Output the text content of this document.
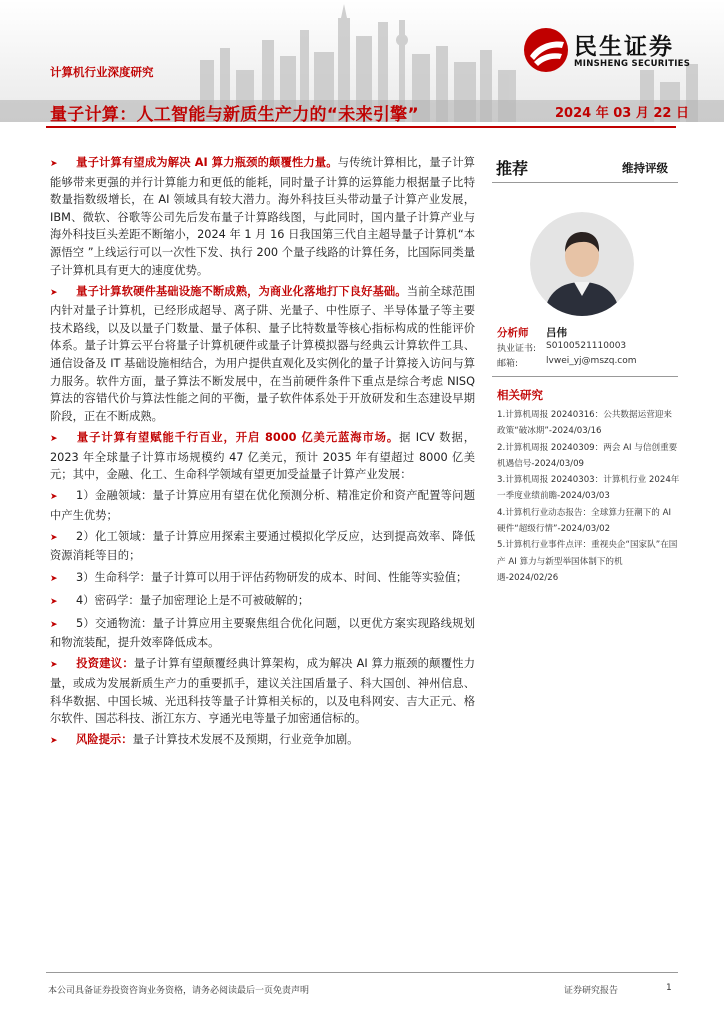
计算机行业深度研究
量子计算：人工智能与新质生产力的“未来引擎”	2024 年 03 月 22 日
民生证券
MINSHENG SECURITIES

➤ 量子计算有望成为解决 AI 算力瓶颈的颠覆性力量。与传统计算相比，量子计算能够带来更强的并行计算能力和更低的能耗，同时量子计算的运算能力根据量子比特数量指数级增长，在 AI 领域具有较大潜力。海外科技巨头带动量子计算产业发展，IBM、微软、谷歌等公司先后发布量子计算路线图，与此同时，国内量子计算产业与海外科技巨头差距不断缩小，2024 年 1 月 16 日我国第三代自主超导量子计算机“本源悟空 ”上线运行可以一次性下发、执行 200 个量子线路的计算任务，比国际同类量子计算机具有更大的速度优势。

➤ 量子计算软硬件基础设施不断成熟，为商业化落地打下良好基础。当前全球范围内针对量子计算机，已经形成超导、离子阱、光量子、中性原子、半导体量子等主要技术路线，以及以量子门数量、量子体积、量子比特数量等核心指标构成的性能评价体系。量子计算云平台将量子计算机硬件或量子计算模拟器与经典云计算软件工具、通信设备及 IT 基础设施相结合，为用户提供直观化及实例化的量子计算接入访问与算力服务。软件方面，量子算法不断发展中，在当前硬件条件下重点是综合考虑 NISQ 算法的容错代价与算法性能之间的平衡，量子软件体系处于开放研发和生态建设早期阶段，正在不断成熟。

➤ 量子计算有望赋能千行百业，开启 8000 亿美元蓝海市场。据 ICV 数据，2023 年全球量子计算市场规模约 47 亿美元，预计 2035 年有望超过 8000 亿美元；其中，金融、化工、生命科学领域有望更加受益量子计算产业发展：

➤ 1）金融领域：量子计算应用有望在优化预测分析、精准定价和资产配置等问题中产生优势；

➤ 2）化工领域：量子计算应用探索主要通过模拟化学反应，达到提高效率、降低资源消耗等目的；

➤ 3）生命科学：量子计算可以用于评估药物研发的成本、时间、性能等实验值；

➤ 4）密码学：量子加密理论上是不可被破解的；

➤ 5）交通物流：量子计算应用主要聚焦组合优化问题，以更优方案实现路线规划和物流装配，提升效率降低成本。

➤ 投资建议：量子计算有望颠覆经典计算架构，成为解决 AI 算力瓶颈的颠覆性力量，或成为发展新质生产力的重要抓手，建议关注国盾量子、科大国创、神州信息、科华数据、中国长城、光迅科技等量子计算相关标的，以及电科网安、吉大正元、格尔软件、国芯科技、浙江东方、亨通光电等量子加密通信标的。

➤ 风险提示：量子计算技术发展不及预期，行业竞争加剧。

推荐	维持评级
分析师 吕伟
执业证书: S0100521110003
邮箱:	lvwei_yj@mszq.com
相关研究
1.计算机周报 20240316：公共数据运营迎来政策“破冰期”-2024/03/16
2.计算机周报 20240309：两会 AI 与信创重要机遇信号-2024/03/09
3.计算机周报 20240303：计算机行业 2024年一季度业绩前瞻-2024/03/03
4.计算机行业动态报告：全球算力狂潮下的 AI 硬件“超级行情”-2024/03/02
5.计算机行业事件点评：重视央企“国家队”在国产 AI 算力与新型举国体制下的机遇-2024/02/26
本公司具备证券投资咨询业务资格，请务必阅读最后一页免责声明	证券研究报告	1
